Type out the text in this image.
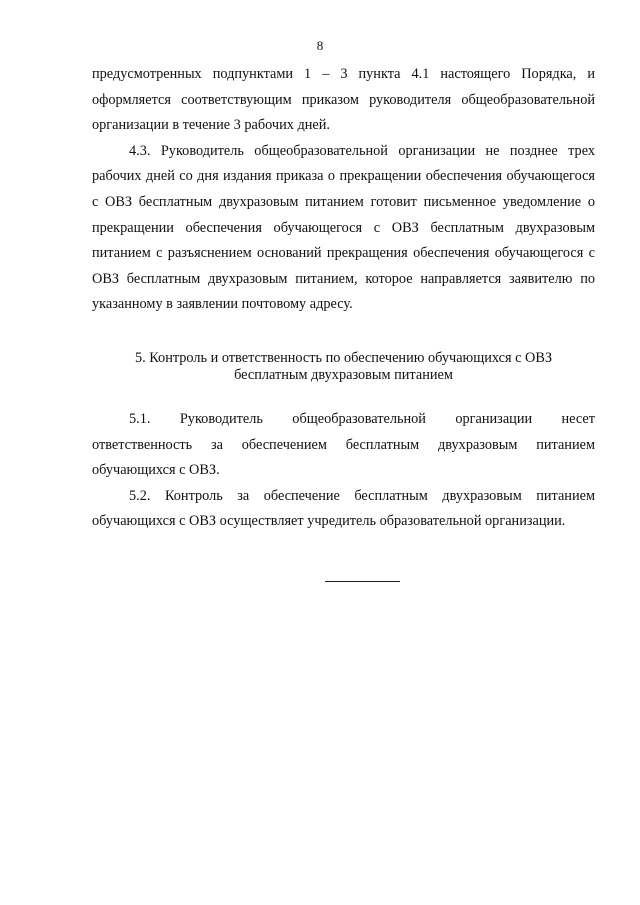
8

предусмотренных подпунктами 1 – 3 пункта 4.1 настоящего Порядка, и оформляется соответствующим приказом руководителя общеобразовательной организации в течение 3 рабочих дней.

4.3. Руководитель общеобразовательной организации не позднее трех рабочих дней со дня издания приказа о прекращении обеспечения обучающегося с ОВЗ бесплатным двухразовым питанием готовит письменное уведомление о прекращении обеспечения обучающегося с ОВЗ бесплатным двухразовым питанием с разъяснением оснований прекращения обеспечения обучающегося с ОВЗ бесплатным двухразовым питанием, которое направляется заявителю по указанному в заявлении почтовому адресу.

5. Контроль и ответственность по обеспечению обучающихся с ОВЗ
бесплатным двухразовым питанием

5.1. Руководитель общеобразовательной организации несет ответственность за обеспечением бесплатным двухразовым питанием обучающихся с ОВЗ.

5.2. Контроль за обеспечение бесплатным двухразовым питанием обучающихся с ОВЗ осуществляет учредитель образовательной организации.
